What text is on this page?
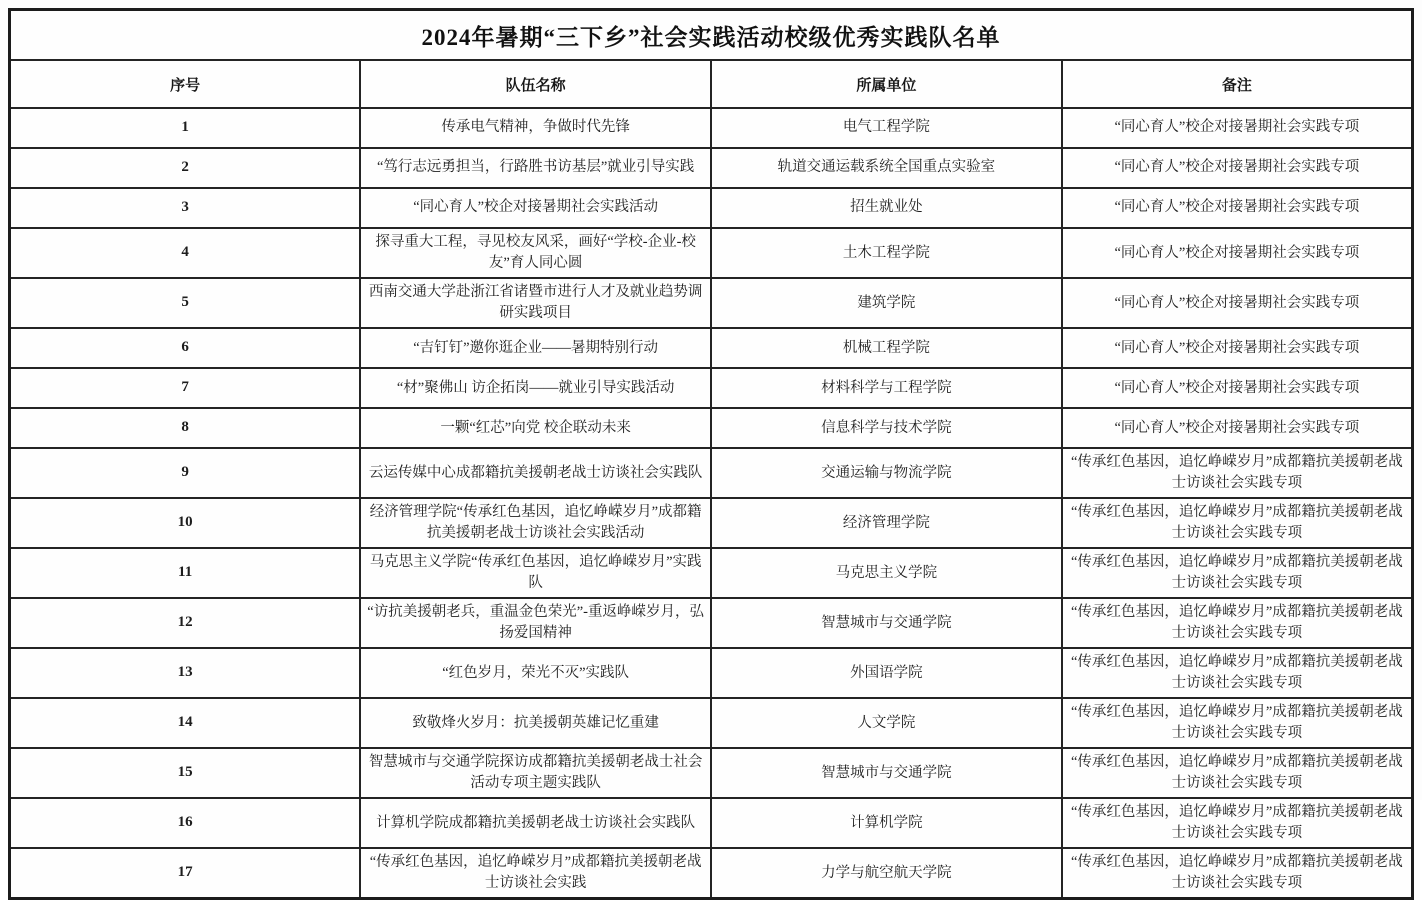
2024年暑期“三下乡”社会实践活动校级优秀实践队名单			
序号	队伍名称	所属单位	备注
1	传承电气精神，争做时代先锋	电气工程学院	“同心育人”校企对接暑期社会实践专项
2	“笃行志远勇担当，行路胜书访基层”就业引导实践	轨道交通运载系统全国重点实验室	“同心育人”校企对接暑期社会实践专项
3	“同心育人”校企对接暑期社会实践活动	招生就业处	“同心育人”校企对接暑期社会实践专项
4	探寻重大工程，寻见校友风采，画好“学校-企业-校友”育人同心圆	土木工程学院	“同心育人”校企对接暑期社会实践专项
5	西南交通大学赴浙江省诸暨市进行人才及就业趋势调研实践项目	建筑学院	“同心育人”校企对接暑期社会实践专项
6	“吉钉钉”邀你逛企业——暑期特别行动	机械工程学院	“同心育人”校企对接暑期社会实践专项
7	“材”聚佛山 访企拓岗——就业引导实践活动	材料科学与工程学院	“同心育人”校企对接暑期社会实践专项
8	一颗“红芯”向党 校企联动未来	信息科学与技术学院	“同心育人”校企对接暑期社会实践专项
9	云运传媒中心成都籍抗美援朝老战士访谈社会实践队	交通运输与物流学院	“传承红色基因，追忆峥嵘岁月”成都籍抗美援朝老战士访谈社会实践专项
10	经济管理学院“传承红色基因，追忆峥嵘岁月”成都籍抗美援朝老战士访谈社会实践活动	经济管理学院	“传承红色基因，追忆峥嵘岁月”成都籍抗美援朝老战士访谈社会实践专项
11	马克思主义学院“传承红色基因，追忆峥嵘岁月”实践队	马克思主义学院	“传承红色基因，追忆峥嵘岁月”成都籍抗美援朝老战士访谈社会实践专项
12	“访抗美援朝老兵，重温金色荣光”-重返峥嵘岁月，弘扬爱国精神	智慧城市与交通学院	“传承红色基因，追忆峥嵘岁月”成都籍抗美援朝老战士访谈社会实践专项
13	“红色岁月，荣光不灭”实践队	外国语学院	“传承红色基因，追忆峥嵘岁月”成都籍抗美援朝老战士访谈社会实践专项
14	致敬烽火岁月：抗美援朝英雄记忆重建	人文学院	“传承红色基因，追忆峥嵘岁月”成都籍抗美援朝老战士访谈社会实践专项
15	智慧城市与交通学院探访成都籍抗美援朝老战士社会活动专项主题实践队	智慧城市与交通学院	“传承红色基因，追忆峥嵘岁月”成都籍抗美援朝老战士访谈社会实践专项
16	计算机学院成都籍抗美援朝老战士访谈社会实践队	计算机学院	“传承红色基因，追忆峥嵘岁月”成都籍抗美援朝老战士访谈社会实践专项
17	“传承红色基因，追忆峥嵘岁月”成都籍抗美援朝老战士访谈社会实践	力学与航空航天学院	“传承红色基因，追忆峥嵘岁月”成都籍抗美援朝老战士访谈社会实践专项
